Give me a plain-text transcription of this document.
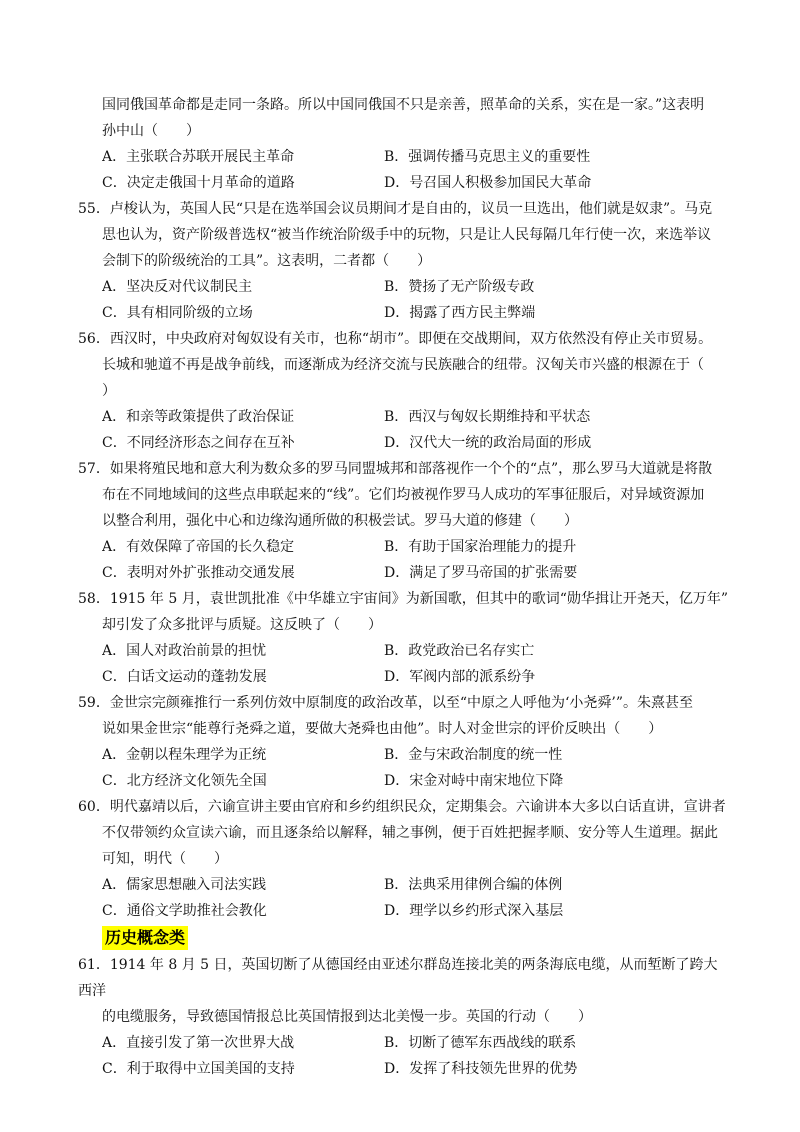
国同俄国革命都是走同一条路。所以中国同俄国不只是亲善，照革命的关系，实在是一家。”这表明

孙中山（　　）

A．主张联合苏联开展民主革命	B．强调传播马克思主义的重要性
C．决定走俄国十月革命的道路	D．号召国人积极参加国民大革命

55．卢梭认为，英国人民“只是在选举国会议员期间才是自由的，议员一旦选出，他们就是奴隶”。马克

思也认为，资产阶级普选权“被当作统治阶级手中的玩物，只是让人民每隔几年行使一次，来选举议

会制下的阶级统治的工具”。这表明，二者都（　　）

A．坚决反对代议制民主	B．赞扬了无产阶级专政
C．具有相同阶级的立场	D．揭露了西方民主弊端

56．西汉时，中央政府对匈奴设有关市，也称“胡市”。即便在交战期间，双方依然没有停止关市贸易。

长城和驰道不再是战争前线，而逐渐成为经济交流与民族融合的纽带。汉匈关市兴盛的根源在于（

）

A．和亲等政策提供了政治保证	B．西汉与匈奴长期维持和平状态
C．不同经济形态之间存在互补	D．汉代大一统的政治局面的形成

57．如果将殖民地和意大利为数众多的罗马同盟城邦和部落视作一个个的“点”，那么罗马大道就是将散

布在不同地域间的这些点串联起来的“线”。它们均被视作罗马人成功的军事征服后，对异域资源加

以整合利用，强化中心和边缘沟通所做的积极尝试。罗马大道的修建（　　）

A．有效保障了帝国的长久稳定	B．有助于国家治理能力的提升
C．表明对外扩张推动交通发展	D．满足了罗马帝国的扩张需要

58．1915 年 5 月，袁世凯批准《中华雄立宇宙间》为新国歌，但其中的歌词“勋华揖让开尧天，亿万年”

却引发了众多批评与质疑。这反映了（　　）

A．国人对政治前景的担忧	B．政党政治已名存实亡
C．白话文运动的蓬勃发展	D．军阀内部的派系纷争

59．金世宗完颜雍推行一系列仿效中原制度的政治改革，以至“中原之人呼他为‘小尧舜’”。朱熹甚至

说如果金世宗“能尊行尧舜之道，要做大尧舜也由他”。时人对金世宗的评价反映出（　　）

A．金朝以程朱理学为正统	B．金与宋政治制度的统一性
C．北方经济文化领先全国	D．宋金对峙中南宋地位下降

60．明代嘉靖以后，六谕宣讲主要由官府和乡约组织民众，定期集会。六谕讲本大多以白话直讲，宣讲者

不仅带领约众宣读六谕，而且逐条给以解释，辅之事例，便于百姓把握孝顺、安分等人生道理。据此

可知，明代（　　）

A．儒家思想融入司法实践	B．法典采用律例合编的体例
C．通俗文学助推社会教化	D．理学以乡约形式深入基层
历史概念类

61．1914 年 8 月 5 日，英国切断了从德国经由亚述尔群岛连接北美的两条海底电缆，从而堑断了跨大西洋

的电缆服务，导致德国情报总比英国情报到达北美慢一步。英国的行动（　　）

A．直接引发了第一次世界大战	B．切断了德军东西战线的联系
C．利于取得中立国美国的支持	D．发挥了科技领先世界的优势
